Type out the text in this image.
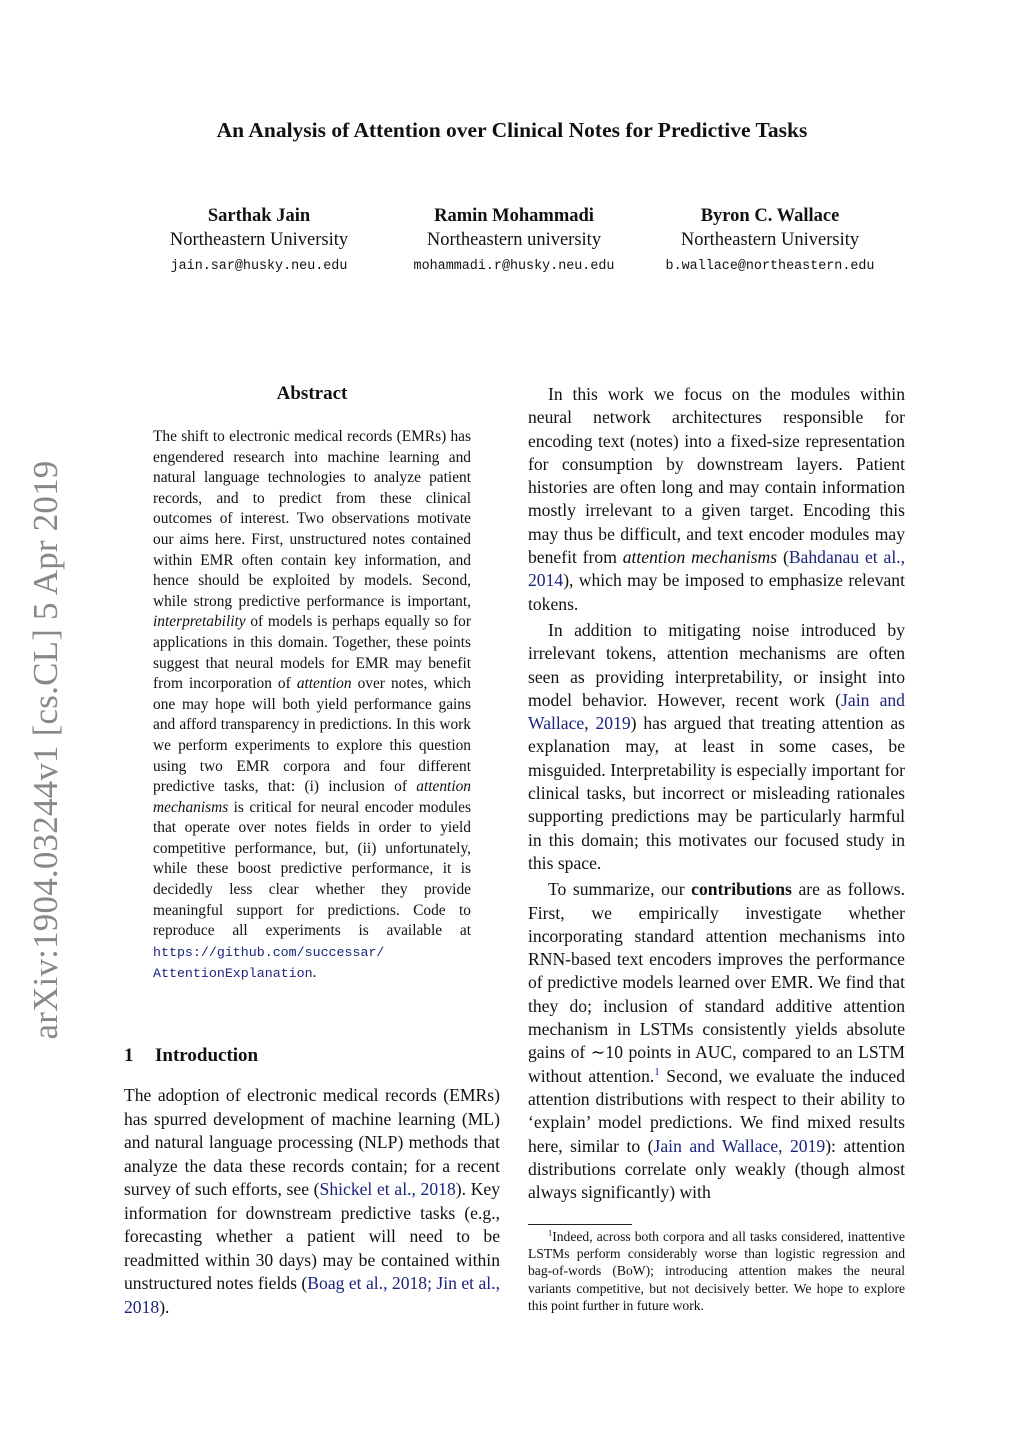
An Analysis of Attention over Clinical Notes for Predictive Tasks
Sarthak Jain
Northeastern University
jain.sar@husky.neu.edu
Ramin Mohammadi
Northeastern university
mohammadi.r@husky.neu.edu
Byron C. Wallace
Northeastern University
b.wallace@northeastern.edu
arXiv:1904.03244v1 [cs.CL] 5 Apr 2019
Abstract
The shift to electronic medical records (EMRs) has engendered research into machine learning and natural language technologies to analyze patient records, and to predict from these clinical outcomes of interest. Two observations motivate our aims here. First, unstructured notes contained within EMR often contain key information, and hence should be exploited by models. Second, while strong predictive performance is important, interpretability of models is perhaps equally so for applications in this domain. Together, these points suggest that neural models for EMR may benefit from incorporation of attention over notes, which one may hope will both yield performance gains and afford transparency in predictions. In this work we perform experiments to explore this question using two EMR corpora and four different predictive tasks, that: (i) inclusion of attention mechanisms is critical for neural encoder modules that operate over notes fields in order to yield competitive performance, but, (ii) unfortunately, while these boost predictive performance, it is decidedly less clear whether they provide meaningful support for predictions. Code to reproduce all experiments is available at https://github.com/successar/
AttentionExplanation.
1 Introduction

The adoption of electronic medical records (EMRs) has spurred development of machine learning (ML) and natural language processing (NLP) methods that analyze the data these records contain; for a recent survey of such efforts, see (Shickel et al., 2018). Key information for downstream predictive tasks (e.g., forecasting whether a patient will need to be readmitted within 30 days) may be contained within unstructured notes fields (Boag et al., 2018; Jin et al., 2018).

In this work we focus on the modules within neural network architectures responsible for encoding text (notes) into a fixed-size representation for consumption by downstream layers. Patient histories are often long and may contain information mostly irrelevant to a given target. Encoding this may thus be difficult, and text encoder modules may benefit from attention mechanisms (Bahdanau et al., 2014), which may be imposed to emphasize relevant tokens.

In addition to mitigating noise introduced by irrelevant tokens, attention mechanisms are often seen as providing interpretability, or insight into model behavior. However, recent work (Jain and Wallace, 2019) has argued that treating attention as explanation may, at least in some cases, be misguided. Interpretability is especially important for clinical tasks, but incorrect or misleading rationales supporting predictions may be particularly harmful in this domain; this motivates our focused study in this space.

To summarize, our contributions are as follows. First, we empirically investigate whether incorporating standard attention mechanisms into RNN-based text encoders improves the performance of predictive models learned over EMR. We find that they do; inclusion of standard additive attention mechanism in LSTMs consistently yields absolute gains of ∼10 points in AUC, compared to an LSTM without attention.$^1$ Second, we evaluate the induced attention distributions with respect to their ability to ‘explain’ model predictions. We find mixed results here, similar to (Jain and Wallace, 2019): attention distributions correlate only weakly (though almost always significantly) with

$^1$Indeed, across both corpora and all tasks considered, inattentive LSTMs perform considerably worse than logistic regression and bag-of-words (BoW); introducing attention makes the neural variants competitive, but not decisively better. We hope to explore this point further in future work.
